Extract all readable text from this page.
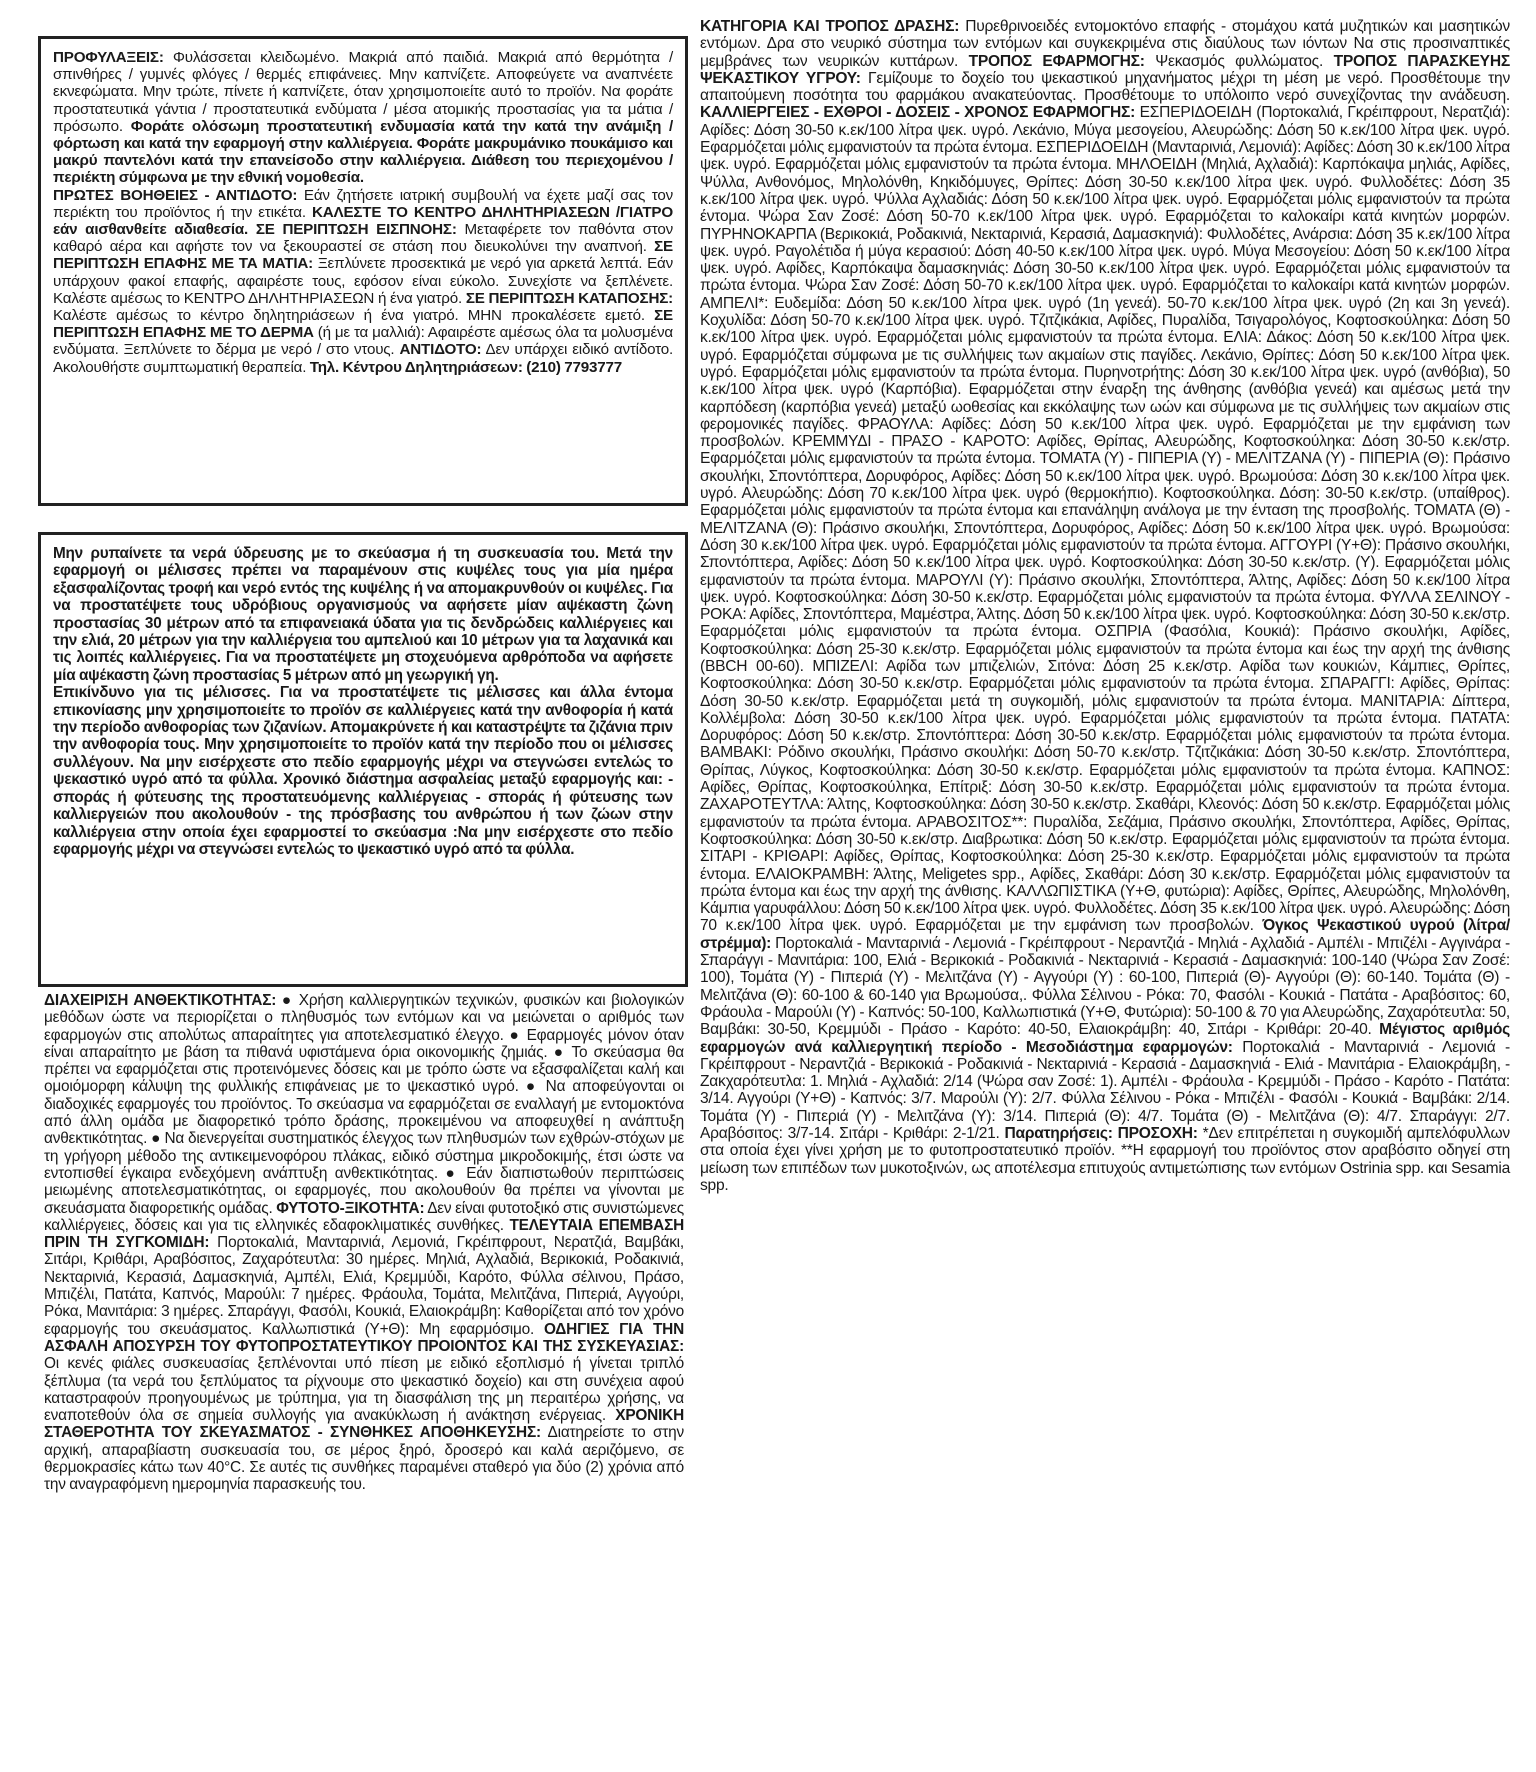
ΠΡΟΦΥΛΑΞΕΙΣ: Φυλάσσεται κλειδωμένο. Μακριά από παιδιά. Μακριά από θερμότητα / σπινθήρες / γυμνές φλόγες / θερμές επιφάνειες. Μην καπνίζετε. Αποφεύγετε να αναπνέετε εκνεφώματα. Μην τρώτε, πίνετε ή καπνίζετε, όταν χρησιμοποιείτε αυτό το προϊόν. Να φοράτε προστατευτικά γάντια / προστατευτικά ενδύματα / μέσα ατομικής προστασίας για τα μάτια / πρόσωπο. Φοράτε ολόσωμη προστατευτική ενδυμασία κατά την κατά την ανάμιξη / φόρτωση και κατά την εφαρμογή στην καλλιέργεια. Φοράτε μακρυμάνικο πουκάμισο και μακρύ παντελόνι κατά την επανείσοδο στην καλλιέργεια. Διάθεση του περιεχομένου / περιέκτη σύμφωνα με την εθνική νομοθεσία.
ΠΡΩΤΕΣ ΒΟΗΘΕΙΕΣ - ΑΝΤΙΔΟΤΟ: Εάν ζητήσετε ιατρική συμβουλή να έχετε μαζί σας τον περιέκτη του προϊόντος ή την ετικέτα. ΚΑΛΕΣΤΕ ΤΟ ΚΕΝΤΡΟ ΔΗΛΗΤΗΡΙΑΣΕΩΝ /ΓΙΑΤΡΟ εάν αισθανθείτε αδιαθεσία. ΣΕ ΠΕΡΙΠΤΩΣΗ ΕΙΣΠΝΟΗΣ: Μεταφέρετε τον παθόντα στον καθαρό αέρα και αφήστε τον να ξεκουραστεί σε στάση που διευκολύνει την αναπνοή. ΣΕ ΠΕΡΙΠΤΩΣΗ ΕΠΑΦΗΣ ΜΕ ΤΑ ΜΑΤΙΑ: Ξεπλύνετε προσεκτικά με νερό για αρκετά λεπτά. Εάν υπάρχουν φακοί επαφής, αφαιρέστε τους, εφόσον είναι εύκολο. Συνεχίστε να ξεπλένετε. Καλέστε αμέσως το ΚΕΝΤΡΟ ΔΗΛΗΤΗΡΙΑΣΕΩΝ ή ένα γιατρό. ΣΕ ΠΕΡΙΠΤΩΣΗ ΚΑΤΑΠΟΣΗΣ: Καλέστε αμέσως το κέντρο δηλητηριάσεων ή ένα γιατρό. ΜΗΝ προκαλέσετε εμετό. ΣΕ ΠΕΡΙΠΤΩΣΗ ΕΠΑΦΗΣ ΜΕ ΤΟ ΔΕΡΜΑ (ή με τα μαλλιά): Αφαιρέστε αμέσως όλα τα μολυσμένα ενδύματα. Ξεπλύνετε το δέρμα με νερό / στο ντους. ΑΝΤΙΔΟΤΟ: Δεν υπάρχει ειδικό αντίδοτο. Ακολουθήστε συμπτωματική θεραπεία. Τηλ. Κέντρου Δηλητηριάσεων: (210) 7793777

Μην ρυπαίνετε τα νερά ύδρευσης με το σκεύασμα ή τη συσκευασία του. Μετά την εφαρμογή οι μέλισσες πρέπει να παραμένουν στις κυψέλες τους για μία ημέρα εξασφαλίζοντας τροφή και νερό εντός της κυψέλης ή να απομακρυνθούν οι κυψέλες. Για να προστατέψετε τους υδρόβιους οργανισμούς να αφήσετε μίαν αψέκαστη ζώνη προστασίας 30 μέτρων από τα επιφανειακά ύδατα για τις δενδρώδεις καλλιέργειες και την ελιά, 20 μέτρων για την καλλιέργεια του αμπελιού και 10 μέτρων για τα λαχανικά και τις λοιπές καλλιέργειες. Για να προστατέψετε μη στοχευόμενα αρθρόποδα να αφήσετε μία αψέκαστη ζώνη προστασίας 5 μέτρων από μη γεωργική γη.

Επικίνδυνο για τις μέλισσες. Για να προστατέψετε τις μέλισσες και άλλα έντομα επικονίασης μην χρησιμοποιείτε το προϊόν σε καλλιέργειες κατά την ανθοφορία ή κατά την περίοδο ανθοφορίας των ζιζανίων. Απομακρύνετε ή και καταστρέψτε τα ζιζάνια πριν την ανθοφορία τους. Μην χρησιμοποιείτε το προϊόν κατά την περίοδο που οι μέλισσες συλλέγουν. Να μην εισέρχεστε στο πεδίο εφαρμογής μέχρι να στεγνώσει εντελώς το ψεκαστικό υγρό από τα φύλλα. Χρονικό διάστημα ασφαλείας μεταξύ εφαρμογής και: - σποράς ή φύτευσης της προστατευόμενης καλλιέργειας - σποράς ή φύτευσης των καλλιεργειών που ακολουθούν - της πρόσβασης του ανθρώπου ή των ζώων στην καλλιέργεια στην οποία έχει εφαρμοστεί το σκεύασμα :Να μην εισέρχεστε στο πεδίο εφαρμογής μέχρι να στεγνώσει εντελώς το ψεκαστικό υγρό από τα φύλλα.

ΔΙΑΧΕΙΡΙΣΗ ΑΝΘΕΚΤΙΚΟΤΗΤΑΣ: ● Χρήση καλλιεργητικών τεχνικών, φυσικών και βιολογικών μεθόδων ώστε να περιορίζεται ο πληθυσμός των εντόμων και να μειώνεται ο αριθμός των εφαρμογών στις απολύτως απαραίτητες για αποτελεσματικό έλεγχο. ● Εφαρμογές μόνον όταν είναι απαραίτητο με βάση τα πιθανά υφιστάμενα όρια οικονομικής ζημιάς. ● Το σκεύασμα θα πρέπει να εφαρμόζεται στις προτεινόμενες δόσεις και με τρόπο ώστε να εξασφαλίζεται καλή και ομοιόμορφη κάλυψη της φυλλικής επιφάνειας με το ψεκαστικό υγρό. ● Να αποφεύγονται οι διαδοχικές εφαρμογές του προϊόντος. Το σκεύασμα να εφαρμόζεται σε εναλλαγή με εντομοκτόνα από άλλη ομάδα με διαφορετικό τρόπο δράσης, προκειμένου να αποφευχθεί η ανάπτυξη ανθεκτικότητας. ● Να διενεργείται συστηματικός έλεγχος των πληθυσμών των εχθρών-στόχων με τη γρήγορη μέθοδο της αντικειμενοφόρου πλάκας, ειδικό σύστημα μικροδοκιμής, έτσι ώστε να εντοπισθεί έγκαιρα ενδεχόμενη ανάπτυξη ανθεκτικότητας. ● Εάν διαπιστωθούν περιπτώσεις μειωμένης αποτελεσματικότητας, οι εφαρμογές, που ακολουθούν θα πρέπει να γίνονται με σκευάσματα διαφορετικής ομάδας. ΦΥΤΟΤΟ-ΞΙΚΟΤΗΤΑ: Δεν είναι φυτοτοξικό στις συνιστώμενες καλλιέργειες, δόσεις και για τις ελληνικές εδαφοκλιματικές συνθήκες. ΤΕΛΕΥΤΑΙΑ ΕΠΕΜΒΑΣΗ ΠΡΙΝ ΤΗ ΣΥΓΚΟΜΙΔΗ: Πορτοκαλιά, Μανταρινιά, Λεμονιά, Γκρέιπφρουτ, Νερατζιά, Βαμβάκι, Σιτάρι, Κριθάρι, Αραβόσιτος, Ζαχαρότευτλα: 30 ημέρες. Μηλιά, Αχλαδιά, Βερικοκιά, Ροδακινιά, Νεκταρινιά, Κερασιά, Δαμασκηνιά, Αμπέλι, Ελιά, Κρεμμύδι, Καρότο, Φύλλα σέλινου, Πράσο, Μπιζέλι, Πατάτα, Καπνός, Μαρούλι: 7 ημέρες. Φράουλα, Τομάτα, Μελιτζάνα, Πιπεριά, Αγγούρι, Ρόκα, Μανιτάρια: 3 ημέρες. Σπαράγγι, Φασόλι, Κουκιά, Ελαιοκράμβη: Καθορίζεται από τον χρόνο εφαρμογής του σκευάσματος. Καλλωπιστικά (Υ+Θ): Μη εφαρμόσιμο. ΟΔΗΓΙΕΣ ΓΙΑ ΤΗΝ ΑΣΦΑΛΗ ΑΠΟΣΥΡΣΗ ΤΟΥ ΦΥΤΟΠΡΟΣΤΑΤΕΥΤΙΚΟΥ ΠΡΟΙΟΝΤΟΣ ΚΑΙ ΤΗΣ ΣΥΣΚΕΥΑΣΙΑΣ: Οι κενές φιάλες συσκευασίας ξεπλένονται υπό πίεση με ειδικό εξοπλισμό ή γίνεται τριπλό ξέπλυμα (τα νερά του ξεπλύματος τα ρίχνουμε στο ψεκαστικό δοχείο) και στη συνέχεια αφού καταστραφούν προηγουμένως με τρύπημα, για τη διασφάλιση της μη περαιτέρω χρήσης, να εναποτεθούν όλα σε σημεία συλλογής για ανακύκλωση ή ανάκτηση ενέργειας. ΧΡΟΝΙΚΗ ΣΤΑΘΕΡΟΤΗΤΑ ΤΟΥ ΣΚΕΥΑΣΜΑΤΟΣ - ΣΥΝΘΗΚΕΣ ΑΠΟΘΗΚΕΥΣΗΣ: Διατηρείστε το στην αρχική, απαραβίαστη συσκευασία του, σε μέρος ξηρό, δροσερό και καλά αεριζόμενο, σε θερμοκρασίες κάτω των 40°C. Σε αυτές τις συνθήκες παραμένει σταθερό για δύο (2) χρόνια από την αναγραφόμενη ημερομηνία παρασκευής του.

ΚΑΤΗΓΟΡΙΑ ΚΑΙ ΤΡΟΠΟΣ ΔΡΑΣΗΣ: Πυρεθρινοειδές εντομοκτόνο επαφής - στομάχου κατά μυζητικών και μασητικών εντόμων. Δρα στο νευρικό σύστημα των εντόμων και συγκεκριμένα στις διαύλους των ιόντων Να στις προσιναπτικές μεμβράνες των νευρικών κυττάρων. ΤΡΟΠΟΣ ΕΦΑΡΜΟΓΗΣ: Ψεκασμός φυλλώματος. ΤΡΟΠΟΣ ΠΑΡΑΣΚΕΥΗΣ ΨΕΚΑΣΤΙΚΟΥ ΥΓΡΟΥ: Γεμίζουμε το δοχείο του ψεκαστικού μηχανήματος μέχρι τη μέση με νερό. Προσθέτουμε την απαιτούμενη ποσότητα του φαρμάκου ανακατεύοντας. Προσθέτουμε το υπόλοιπο νερό συνεχίζοντας την ανάδευση. ΚΑΛΛΙΕΡΓΕΙΕΣ - ΕΧΘΡΟΙ - ΔΟΣΕΙΣ - ΧΡΟΝΟΣ ΕΦΑΡΜΟΓΗΣ: ΕΣΠΕΡΙΔΟΕΙΔΗ (Πορτοκαλιά, Γκρέιπφρουτ, Νερατζιά): Αφίδες: Δόση 30-50 κ.εκ/100 λίτρα ψεκ. υγρό. Λεκάνιο, Μύγα μεσογείου, Αλευρώδης: Δόση 50 κ.εκ/100 λίτρα ψεκ. υγρό. Εφαρμόζεται μόλις εμφανιστούν τα πρώτα έντομα. ΕΣΠΕΡΙΔΟΕΙΔΗ (Μανταρινιά, Λεμονιά): Αφίδες: Δόση 30 κ.εκ/100 λίτρα ψεκ. υγρό. Εφαρμόζεται μόλις εμφανιστούν τα πρώτα έντομα. ΜΗΛΟΕΙΔΗ (Μηλιά, Αχλαδιά): Καρπόκαψα μηλιάς, Αφίδες, Ψύλλα, Ανθονόμος, Μηλολόνθη, Κηκιδόμυγες, Θρίπες: Δόση 30-50 κ.εκ/100 λίτρα ψεκ. υγρό. Φυλλοδέτες: Δόση 35 κ.εκ/100 λίτρα ψεκ. υγρό. Ψύλλα Αχλαδιάς: Δόση 50 κ.εκ/100 λίτρα ψεκ. υγρό. Εφαρμόζεται μόλις εμφανιστούν τα πρώτα έντομα. Ψώρα Σαν Ζοσέ: Δόση 50-70 κ.εκ/100 λίτρα ψεκ. υγρό. Εφαρμόζεται το καλοκαίρι κατά κινητών μορφών. ΠΥΡΗΝΟΚΑΡΠΑ (Βερικοκιά, Ροδακινιά, Νεκταρινιά, Κερασιά, Δαμασκηνιά): Φυλλοδέτες, Ανάρσια: Δόση 35 κ.εκ/100 λίτρα ψεκ. υγρό. Ραγολέτιδα ή μύγα κερασιού: Δόση 40-50 κ.εκ/100 λίτρα ψεκ. υγρό. Μύγα Μεσογείου: Δόση 50 κ.εκ/100 λίτρα ψεκ. υγρό. Αφίδες, Καρπόκαψα δαμασκηνιάς: Δόση 30-50 κ.εκ/100 λίτρα ψεκ. υγρό. Εφαρμόζεται μόλις εμφανιστούν τα πρώτα έντομα. Ψώρα Σαν Ζοσέ: Δόση 50-70 κ.εκ/100 λίτρα ψεκ. υγρό. Εφαρμόζεται το καλοκαίρι κατά κινητών μορφών. ΑΜΠΕΛΙ*: Ευδεμίδα: Δόση 50 κ.εκ/100 λίτρα ψεκ. υγρό (1η γενεά). 50-70 κ.εκ/100 λίτρα ψεκ. υγρό (2η και 3η γενεά). Κοχυλίδα: Δόση 50-70 κ.εκ/100 λίτρα ψεκ. υγρό. Τζιτζικάκια, Αφίδες, Πυραλίδα, Τσιγαρολόγος, Κοφτοσκούληκα: Δόση 50 κ.εκ/100 λίτρα ψεκ. υγρό. Εφαρμόζεται μόλις εμφανιστούν τα πρώτα έντομα. ΕΛΙΑ: Δάκος: Δόση 50 κ.εκ/100 λίτρα ψεκ. υγρό. Εφαρμόζεται σύμφωνα με τις συλλήψεις των ακμαίων στις παγίδες. Λεκάνιο, Θρίπες: Δόση 50 κ.εκ/100 λίτρα ψεκ. υγρό. Εφαρμόζεται μόλις εμφανιστούν τα πρώτα έντομα. Πυρηνοτρήτης: Δόση 30 κ.εκ/100 λίτρα ψεκ. υγρό (ανθόβια), 50 κ.εκ/100 λίτρα ψεκ. υγρό (Καρπόβια). Εφαρμόζεται στην έναρξη της άνθησης (ανθόβια γενεά) και αμέσως μετά την καρπόδεση (καρπόβια γενεά) μεταξύ ωοθεσίας και εκκόλαψης των ωών και σύμφωνα με τις συλλήψεις των ακμαίων στις φερομονικές παγίδες. ΦΡΑΟΥΛΑ: Αφίδες: Δόση 50 κ.εκ/100 λίτρα ψεκ. υγρό. Εφαρμόζεται με την εμφάνιση των προσβολών. ΚΡΕΜΜΥΔΙ - ΠΡΑΣΟ - ΚΑΡΟΤΟ: Αφίδες, Θρίπας, Αλευρώδης, Κοφτοσκούληκα: Δόση 30-50 κ.εκ/στρ. Εφαρμόζεται μόλις εμφανιστούν τα πρώτα έντομα. ΤΟΜΑΤΑ (Υ) - ΠΙΠΕΡΙΑ (Υ) - ΜΕΛΙΤΖΑΝΑ (Υ) - ΠΙΠΕΡΙΑ (Θ): Πράσινο σκουλήκι, Σποντόπτερα, Δορυφόρος, Αφίδες: Δόση 50 κ.εκ/100 λίτρα ψεκ. υγρό. Βρωμούσα: Δόση 30 κ.εκ/100 λίτρα ψεκ. υγρό. Αλευρώδης: Δόση 70 κ.εκ/100 λίτρα ψεκ. υγρό (θερμοκήπιο). Κοφτοσκούληκα. Δόση: 30-50 κ.εκ/στρ. (υπαίθρος). Εφαρμόζεται μόλις εμφανιστούν τα πρώτα έντομα και επανάληψη ανάλογα με την ένταση της προσβολής. ΤΟΜΑΤΑ (Θ) - ΜΕΛΙΤΖΑΝΑ (Θ): Πράσινο σκουλήκι, Σποντόπτερα, Δορυφόρος, Αφίδες: Δόση 50 κ.εκ/100 λίτρα ψεκ. υγρό. Βρωμούσα: Δόση 30 κ.εκ/100 λίτρα ψεκ. υγρό. Εφαρμόζεται μόλις εμφανιστούν τα πρώτα έντομα. ΑΓΓΟΥΡΙ (Υ+Θ): Πράσινο σκουλήκι, Σποντόπτερα, Αφίδες: Δόση 50 κ.εκ/100 λίτρα ψεκ. υγρό. Κοφτοσκούληκα: Δόση 30-50 κ.εκ/στρ. (Υ). Εφαρμόζεται μόλις εμφανιστούν τα πρώτα έντομα. ΜΑΡΟΥΛΙ (Υ): Πράσινο σκουλήκι, Σποντόπτερα, Άλτης, Αφίδες: Δόση 50 κ.εκ/100 λίτρα ψεκ. υγρό. Κοφτοσκούληκα: Δόση 30-50 κ.εκ/στρ. Εφαρμόζεται μόλις εμφανιστούν τα πρώτα έντομα. ΦΥΛΛΑ ΣΕΛΙΝΟΥ - ΡΟΚΑ: Αφίδες, Σποντόπτερα, Μαμέστρα, Άλτης. Δόση 50 κ.εκ/100 λίτρα ψεκ. υγρό. Κοφτοσκούληκα: Δόση 30-50 κ.εκ/στρ. Εφαρμόζεται μόλις εμφανιστούν τα πρώτα έντομα. ΟΣΠΡΙΑ (Φασόλια, Κουκιά): Πράσινο σκουλήκι, Αφίδες, Κοφτοσκούληκα: Δόση 25-30 κ.εκ/στρ. Εφαρμόζεται μόλις εμφανιστούν τα πρώτα έντομα και έως την αρχή της άνθισης (BBCH 00-60). ΜΠΙΖΕΛΙ: Αφίδα των μπιζελιών, Σιτόνα: Δόση 25 κ.εκ/στρ. Αφίδα των κουκιών, Κάμπιες, Θρίπες, Κοφτοσκούληκα: Δόση 30-50 κ.εκ/στρ. Εφαρμόζεται μόλις εμφανιστούν τα πρώτα έντομα. ΣΠΑΡΑΓΓΙ: Αφίδες, Θρίπας: Δόση 30-50 κ.εκ/στρ. Εφαρμόζεται μετά τη συγκομιδή, μόλις εμφανιστούν τα πρώτα έντομα. ΜΑΝΙΤΑΡΙΑ: Δίπτερα, Κολλέμβολα: Δόση 30-50 κ.εκ/100 λίτρα ψεκ. υγρό. Εφαρμόζεται μόλις εμφανιστούν τα πρώτα έντομα. ΠΑΤΑΤΑ: Δορυφόρος: Δόση 50 κ.εκ/στρ. Σποντόπτερα: Δόση 30-50 κ.εκ/στρ. Εφαρμόζεται μόλις εμφανιστούν τα πρώτα έντομα. ΒΑΜΒΑΚΙ: Ρόδινο σκουλήκι, Πράσινο σκουλήκι: Δόση 50-70 κ.εκ/στρ. Τζιτζικάκια: Δόση 30-50 κ.εκ/στρ. Σποντόπτερα, Θρίπας, Λύγκος, Κοφτοσκούληκα: Δόση 30-50 κ.εκ/στρ. Εφαρμόζεται μόλις εμφανιστούν τα πρώτα έντομα. ΚΑΠΝΟΣ: Αφίδες, Θρίπας, Κοφτοσκούληκα, Επίτριξ: Δόση 30-50 κ.εκ/στρ. Εφαρμόζεται μόλις εμφανιστούν τα πρώτα έντομα. ΖΑΧΑΡΟΤΕΥΤΛΑ: Άλτης, Κοφτοσκούληκα: Δόση 30-50 κ.εκ/στρ. Σκαθάρι, Κλεονός: Δόση 50 κ.εκ/στρ. Εφαρμόζεται μόλις εμφανιστούν τα πρώτα έντομα. ΑΡΑΒΟΣΙΤΟΣ**: Πυραλίδα, Σεζάμια, Πράσινο σκουλήκι, Σποντόπτερα, Αφίδες, Θρίπας, Κοφτοσκούληκα: Δόση 30-50 κ.εκ/στρ. Διαβρωτικα: Δόση 50 κ.εκ/στρ. Εφαρμόζεται μόλις εμφανιστούν τα πρώτα έντομα. ΣΙΤΑΡΙ - ΚΡΙΘΑΡΙ: Αφίδες, Θρίπας, Κοφτοσκούληκα: Δόση 25-30 κ.εκ/στρ. Εφαρμόζεται μόλις εμφανιστούν τα πρώτα έντομα. ΕΛΑΙΟΚΡΑΜΒΗ: Άλτης, Meligetes spp., Αφίδες, Σκαθάρι: Δόση 30 κ.εκ/στρ. Εφαρμόζεται μόλις εμφανιστούν τα πρώτα έντομα και έως την αρχή της άνθισης. ΚΑΛΛΩΠΙΣΤΙΚΑ (Υ+Θ, φυτώρια): Αφίδες, Θρίπες, Αλευρώδης, Μηλολόνθη, Κάμπια γαρυφάλλου: Δόση 50 κ.εκ/100 λίτρα ψεκ. υγρό. Φυλλοδέτες. Δόση 35 κ.εκ/100 λίτρα ψεκ. υγρό. Αλευρώδης: Δόση 70 κ.εκ/100 λίτρα ψεκ. υγρό. Εφαρμόζεται με την εμφάνιση των προσβολών. Όγκος Ψεκαστικού υγρού (λίτρα/στρέμμα): Πορτοκαλιά - Μανταρινιά - Λεμονιά - Γκρέιπφρουτ - Νεραντζιά - Μηλιά - Αχλαδιά - Αμπέλι - Μπιζέλι - Αγγινάρα - Σπαράγγι - Μανιτάρια: 100, Ελιά - Βερικοκιά - Ροδακινιά - Νεκταρινιά - Κερασιά - Δαμασκηνιά: 100-140 (Ψώρα Σαν Ζοσέ: 100), Τομάτα (Υ) - Πιπεριά (Υ) - Μελιτζάνα (Υ) - Αγγούρι (Υ) : 60-100, Πιπεριά (Θ)- Αγγούρι (Θ): 60-140. Τομάτα (Θ) - Μελιτζάνα (Θ): 60-100 & 60-140 για Βρωμούσα,. Φύλλα Σέλινου - Ρόκα: 70, Φασόλι - Κουκιά - Πατάτα - Αραβόσιτος: 60, Φράουλα - Μαρούλι (Υ) - Καπνός: 50-100, Καλλωπιστικά (Υ+Θ, Φυτώρια): 50-100 & 70 για Αλευρώδης, Ζαχαρότευτλα: 50, Βαμβάκι: 30-50, Κρεμμύδι - Πράσο - Καρότο: 40-50, Ελαιοκράμβη: 40, Σιτάρι - Κριθάρι: 20-40. Μέγιστος αριθμός εφαρμογών ανά καλλιεργητική περίοδο - Μεσοδιάστημα εφαρμογών: Πορτοκαλιά - Μανταρινιά - Λεμονιά - Γκρέιπφρουτ - Νεραντζιά - Βερικοκιά - Ροδακινιά - Νεκταρινιά - Κερασιά - Δαμασκηνιά - Ελιά - Μανιτάρια - Ελαιοκράμβη, - Ζακχαρότευτλα: 1. Μηλιά - Αχλαδιά: 2/14 (Ψώρα σαν Ζοσέ: 1). Αμπέλι - Φράουλα - Κρεμμύδι - Πράσο - Καρότο - Πατάτα: 3/14. Αγγούρι (Υ+Θ) - Καπνός: 3/7. Μαρούλι (Υ): 2/7. Φύλλα Σέλινου - Ρόκα - Μπιζέλι - Φασόλι - Κουκιά - Βαμβάκι: 2/14. Τομάτα (Υ) - Πιπεριά (Υ) - Μελιτζάνα (Υ): 3/14. Πιπεριά (Θ): 4/7. Τομάτα (Θ) - Μελιτζάνα (Θ): 4/7. Σπαράγγι: 2/7. Αραβόσιτος: 3/7-14. Σιτάρι - Κριθάρι: 2-1/21. Παρατηρήσεις: ΠΡΟΣΟΧΗ: *Δεν επιτρέπεται η συγκομιδή αμπελόφυλλων στα οποία έχει γίνει χρήση με το φυτοπροστατευτικό προϊόν. **Η εφαρμογή του προϊόντος στον αραβόσιτο οδηγεί στη μείωση των επιπέδων των μυκοτοξινών, ως αποτέλεσμα επιτυχούς αντιμετώπισης των εντόμων Ostrinia spp. και Sesamia spp.
